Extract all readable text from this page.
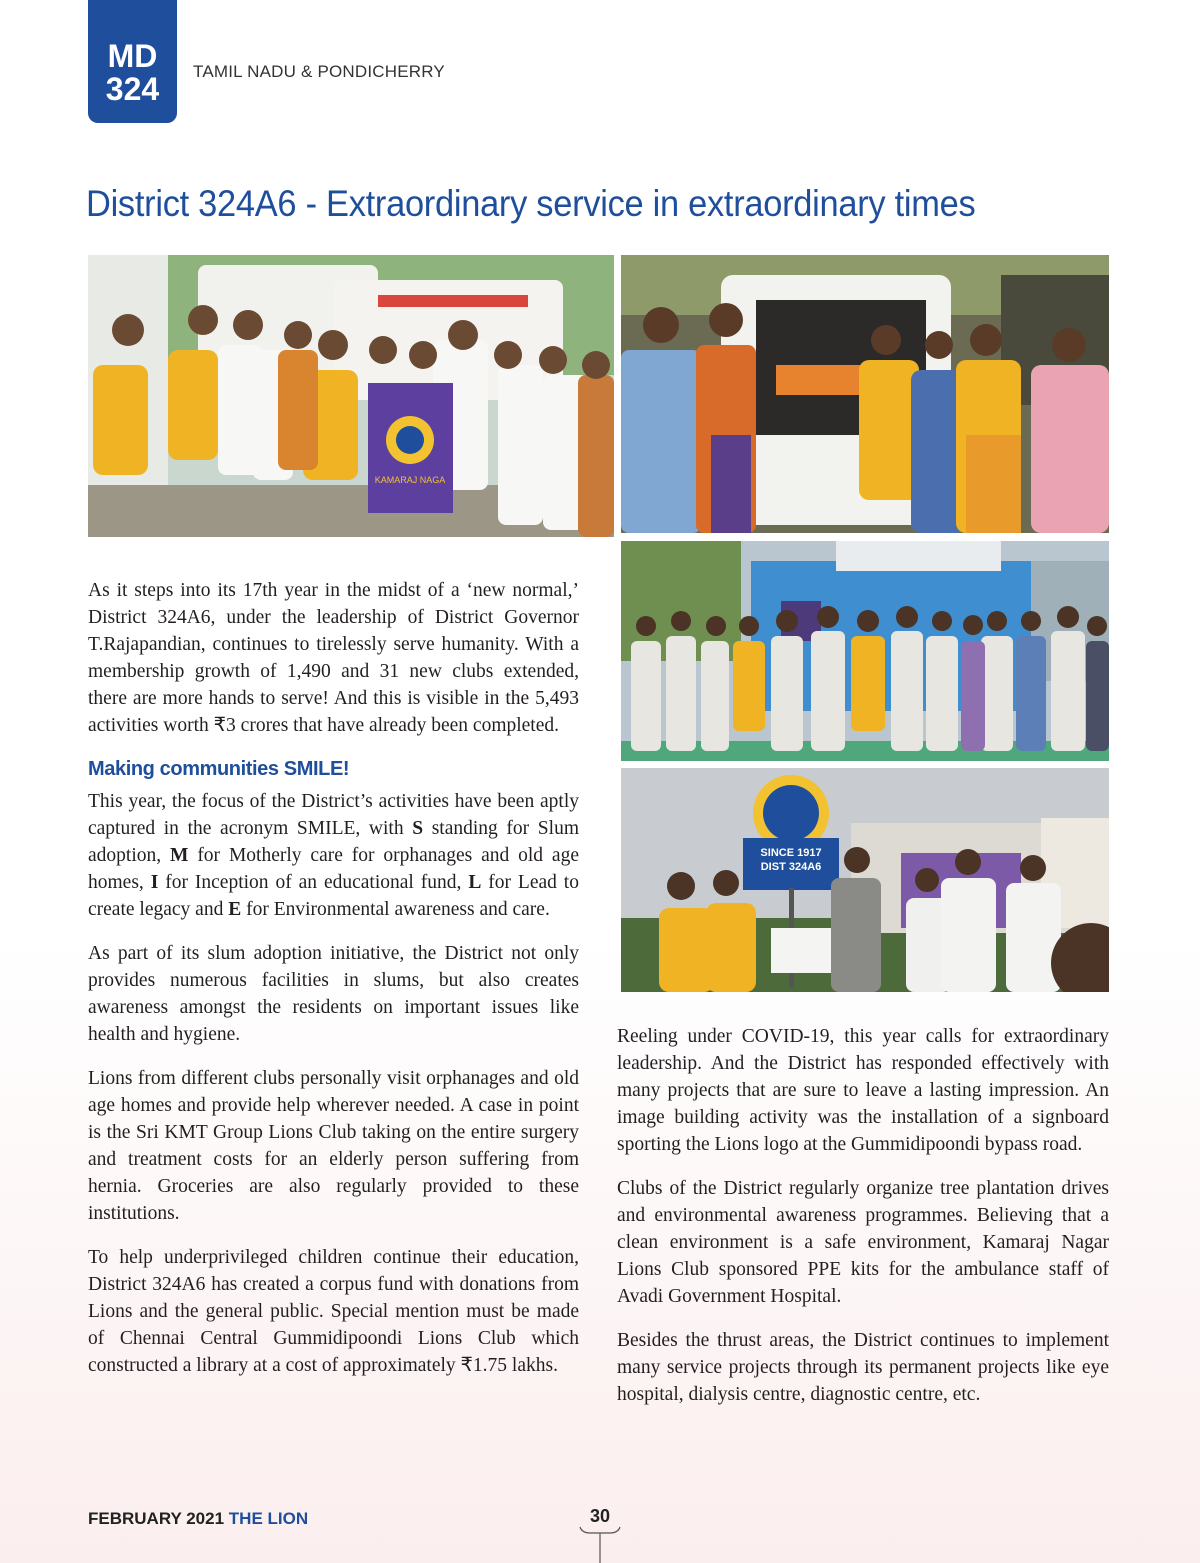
MD
324	TAMIL NADU & PONDICHERRY
District 324A6 - Extraordinary service in extraordinary times
KAMARAJ NAGA
SINCE 1917
DIST 324A6

As it steps into its 17th year in the midst of a ‘new normal,’ District 324A6, under the leadership of District Governor T.Rajapandian, continues to tirelessly serve humanity. With a membership growth of 1,490 and 31 new clubs extended, there are more hands to serve! And this is visible in the 5,493 activities worth ₹3 crores that have already been completed.

Making communities SMILE!

This year, the focus of the District’s activities have been aptly captured in the acronym SMILE, with S standing for Slum adoption, M for Motherly care for orphanages and old age homes, I for Inception of an educational fund, L for Lead to create legacy and E for Environmental awareness and care.

As part of its slum adoption initiative, the District not only provides numerous facilities in slums, but also creates awareness amongst the residents on important issues like health and hygiene.

Lions from different clubs personally visit orphanages and old age homes and provide help wherever needed. A case in point is the Sri KMT Group Lions Club taking on the entire surgery and treatment costs for an elderly person suffering from hernia. Groceries are also regularly provided to these institutions.

To help underprivileged children continue their education, District 324A6 has created a corpus fund with donations from Lions and the general public. Special mention must be made of Chennai Central Gummidipoondi Lions Club which constructed a library at a cost of approximately ₹1.75 lakhs.

Reeling under COVID-19, this year calls for extraordinary leadership. And the District has responded effectively with many projects that are sure to leave a lasting impression. An image building activity was the installation of a signboard sporting the Lions logo at the Gummidipoondi bypass road.

Clubs of the District regularly organize tree plantation drives and environmental awareness programmes. Believing that a clean environment is a safe environment, Kamaraj Nagar Lions Club sponsored PPE kits for the ambulance staff of Avadi Government Hospital.

Besides the thrust areas, the District continues to implement many service projects through its permanent projects like eye hospital, dialysis centre, diagnostic centre, etc.

FEBRUARY 2021 THE LION	30
